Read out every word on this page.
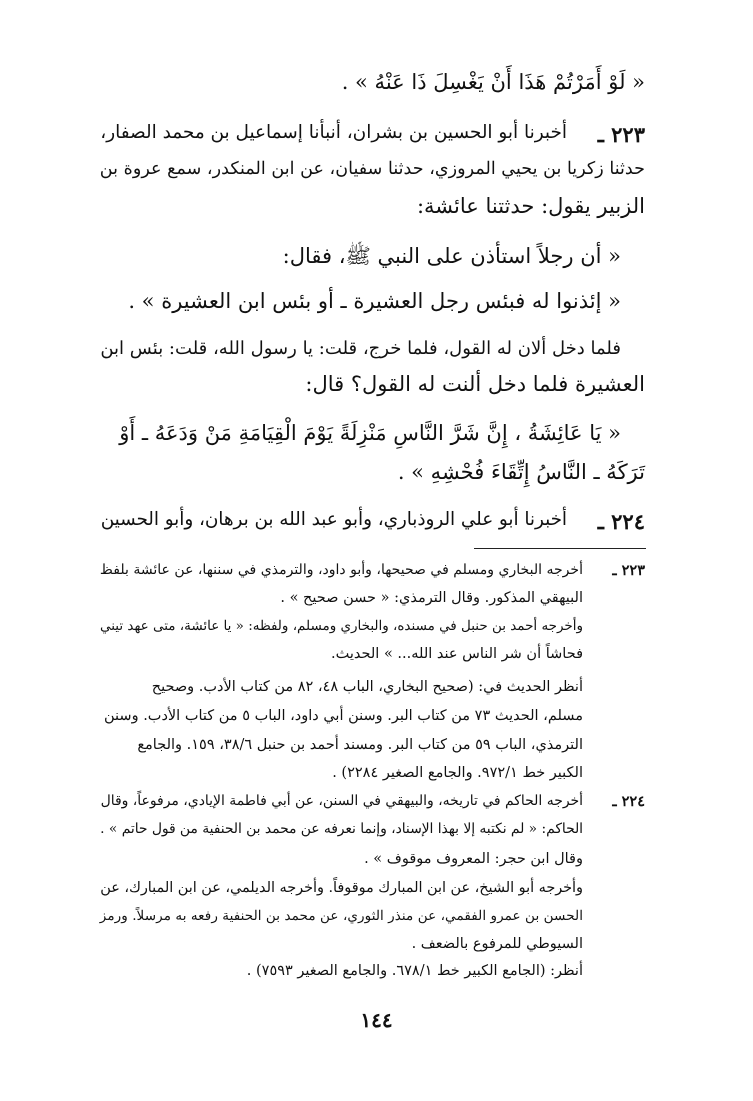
« لَوْ أَمَرْتُمْ هَذَا أَنْ يَغْسِلَ ذَا عَنْهُ » .
٢٢٣ ـ
أخبرنا أبو الحسين بن بشران، أنبأنا إسماعيل بن محمد الصفار،
حدثنا زكريا بن يحيي المروزي، حدثنا سفيان، عن ابن المنكدر، سمع عروة بن
الزبير يقول: حدثتنا عائشة:
« أن رجلاً استأذن على النبي ﷺ، فقال:
« إئذنوا له فبئس رجل العشيرة ـ أو بئس ابن العشيرة » .
فلما دخل ألان له القول، فلما خرج، قلت: يا رسول الله، قلت: بئس ابن
العشيرة فلما دخل ألنت له القول؟ قال:
« يَا عَائِشَةُ ، إِنَّ شَرَّ النَّاسِ مَنْزِلَةً يَوْمَ الْقِيَامَةِ مَنْ وَدَعَهُ ـ أَوْ
تَرَكَهُ ـ النَّاسُ إِتِّقَاءَ فُحْشِهِ » .
٢٢٤ ـ
أخبرنا أبو علي الروذباري، وأبو عبد الله بن برهان، وأبو الحسين
٢٢٣ ـ
أخرجه البخاري ومسلم في صحيحها، وأبو داود، والترمذي في سننها، عن عائشة بلفظ
البيهقي المذكور. وقال الترمذي: « حسن صحيح » .
وأخرجه أحمد بن حنبل في مسنده، والبخاري ومسلم، ولفظه: « يا عائشة، متى عهد تيني
فحاشاً أن شر الناس عند الله... » الحديث.
أنظر الحديث في: (صحيح البخاري، الباب ٤٨، ٨٢ من كتاب الأدب. وصحيح
مسلم، الحديث ٧٣ من كتاب البر. وسنن أبي داود، الباب ٥ من كتاب الأدب. وسنن
الترمذي، الباب ٥٩ من كتاب البر. ومسند أحمد بن حنبل ٣٨/٦، ١٥٩. والجامع
الكبير خط ٩٧٢/١. والجامع الصغير ٢٢٨٤) .
٢٢٤ ـ
أخرجه الحاكم في تاريخه، والبيهقي في السنن، عن أبي فاطمة الإيادي، مرفوعاً، وقال
الحاكم: « لم نكتبه إلا بهذا الإسناد، وإنما نعرفه عن محمد بن الحنفية من قول حاتم » .
وقال ابن حجر: المعروف موقوف » .
وأخرجه أبو الشيخ، عن ابن المبارك موقوفاً. وأخرجه الديلمي، عن ابن المبارك، عن
الحسن بن عمرو الفقمي، عن منذر الثوري، عن محمد بن الحنفية رفعه به مرسلاً. ورمز
السيوطي للمرفوع بالضعف .
أنظر: (الجامع الكبير خط ٦٧٨/١. والجامع الصغير ٧٥٩٣) .
١٤٤
